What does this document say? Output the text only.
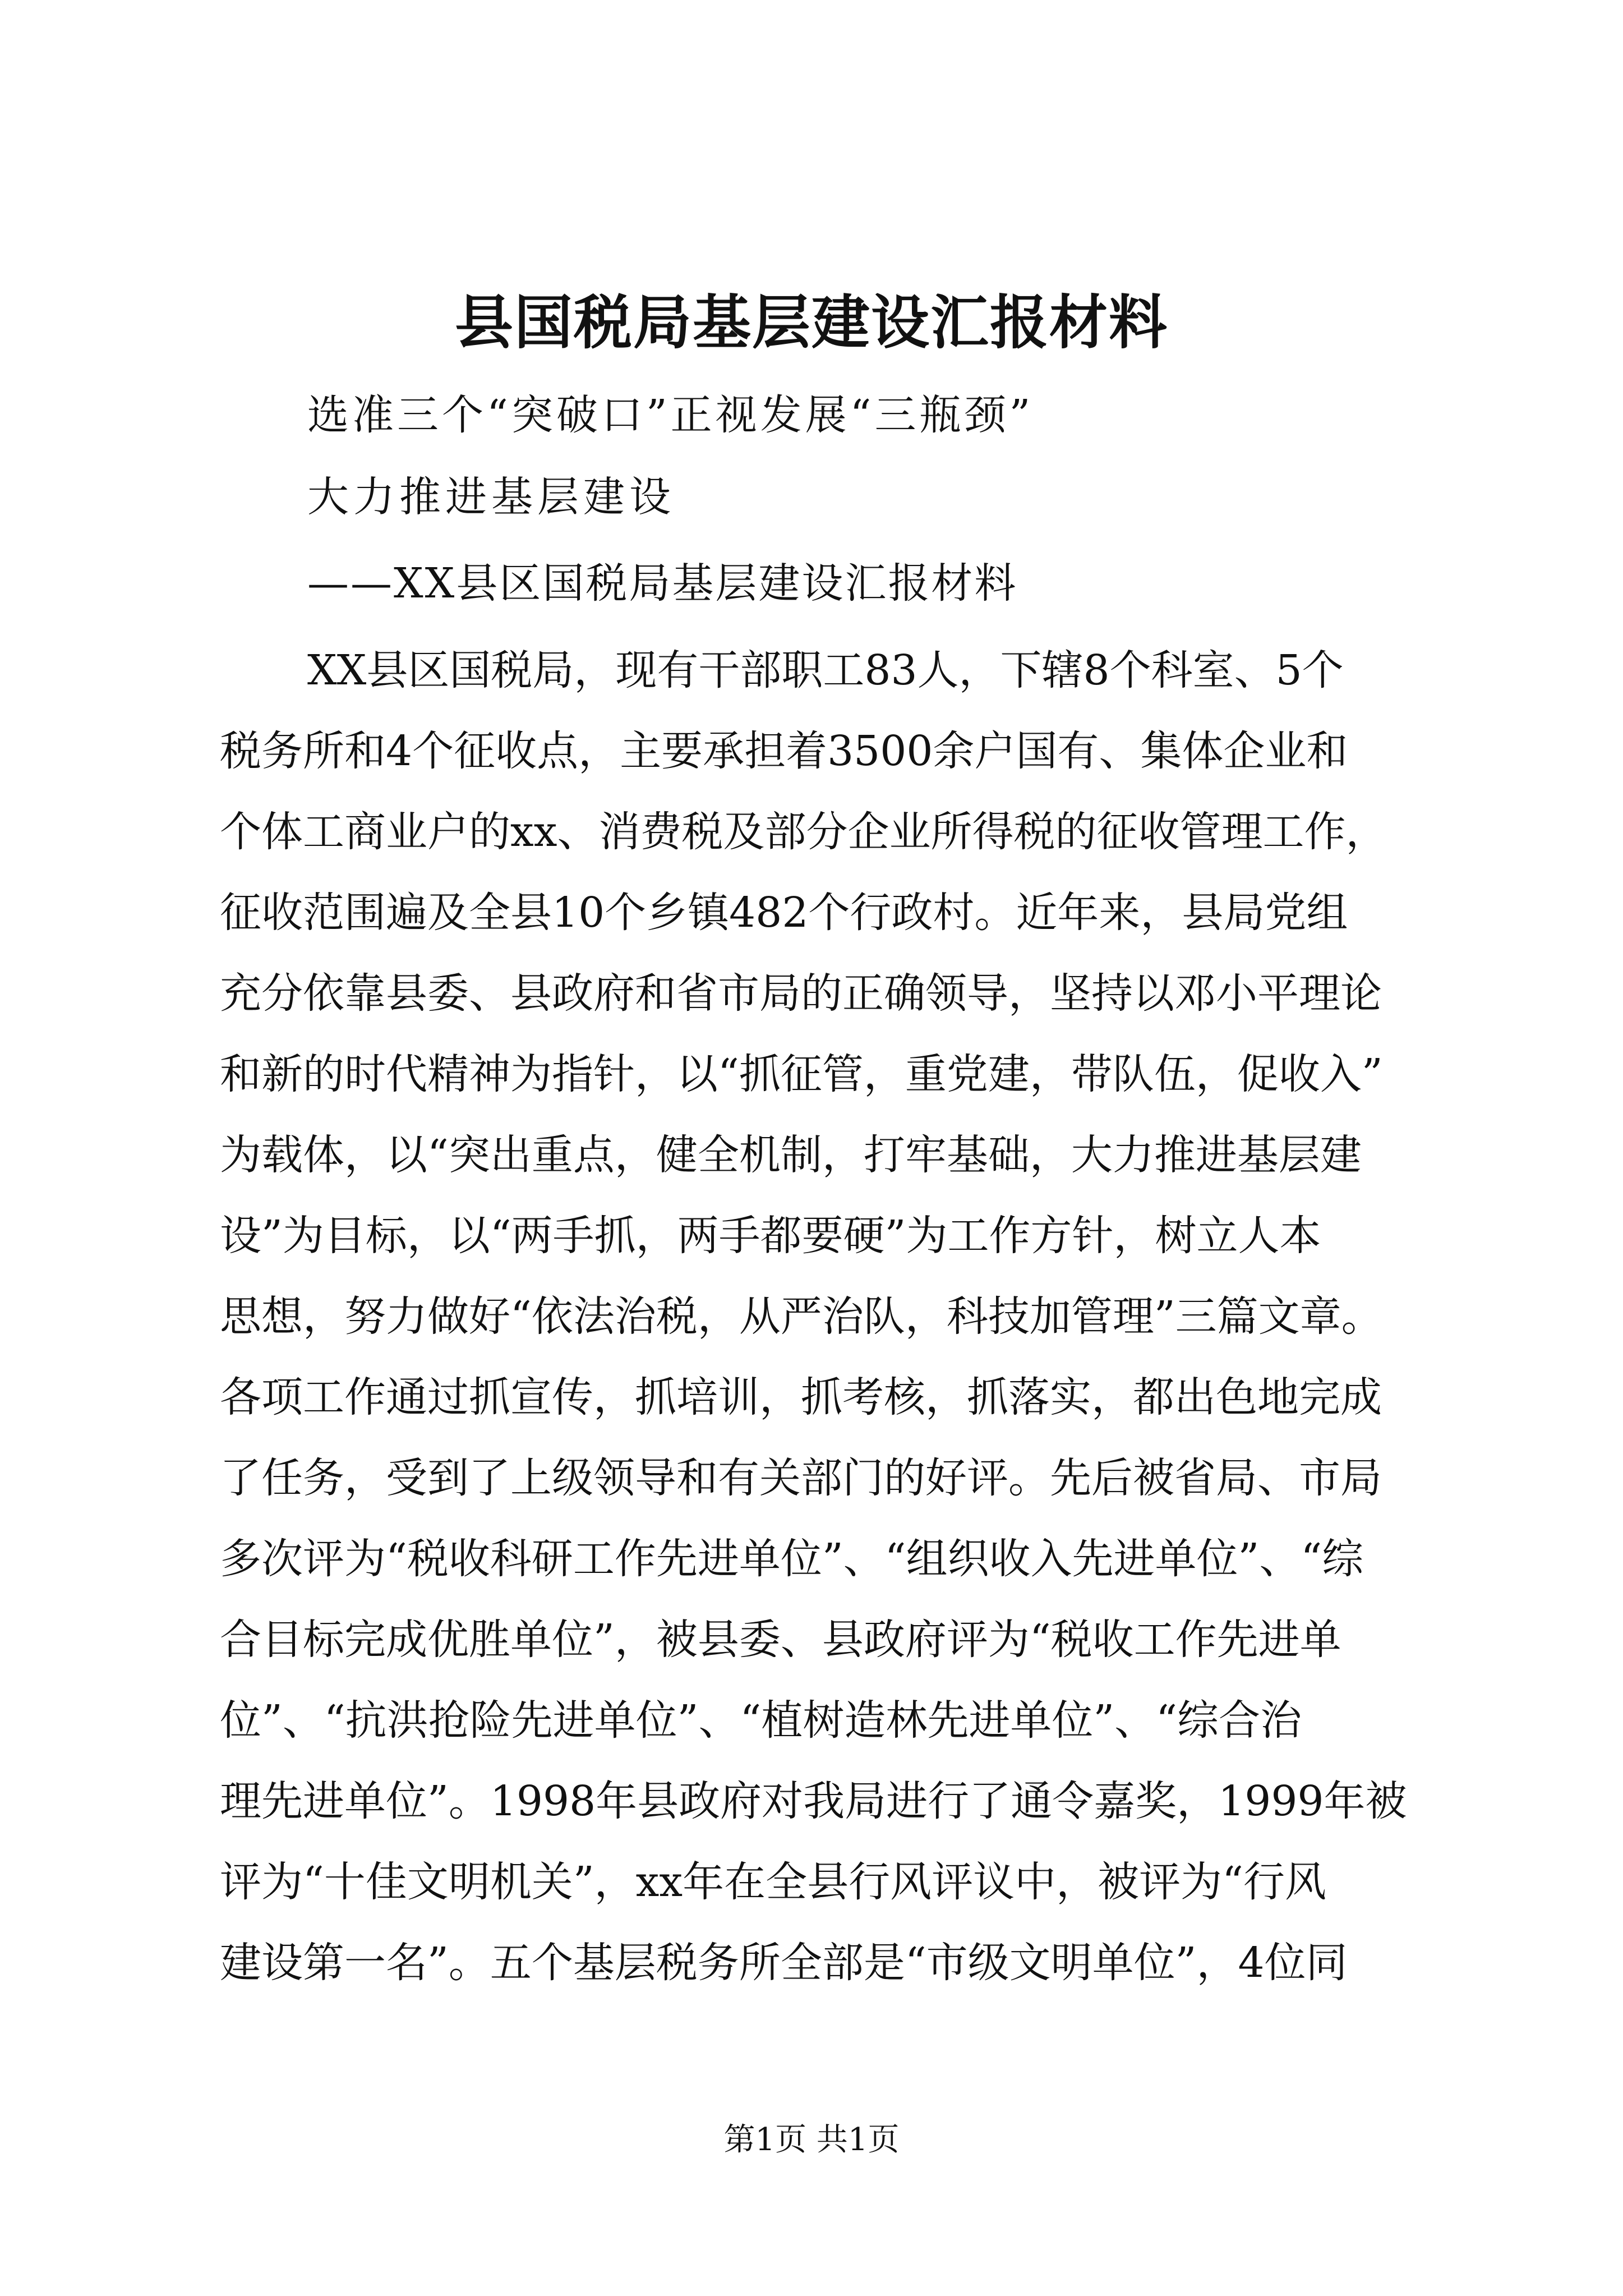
县国税局基层建设汇报材料
选准三个“突破口”正视发展“三瓶颈”
大力推进基层建设
——XX县区国税局基层建设汇报材料
XX县区国税局，现有干部职工83人，下辖8个科室、5个
税务所和4个征收点，主要承担着3500余户国有、集体企业和
个体工商业户的xx、消费税及部分企业所得税的征收管理工作，
征收范围遍及全县10个乡镇482个行政村。近年来，县局党组
充分依靠县委、县政府和省市局的正确领导，坚持以邓小平理论
和新的时代精神为指针，以“抓征管，重党建，带队伍，促收入”
为载体，以“突出重点，健全机制，打牢基础，大力推进基层建
设”为目标，以“两手抓，两手都要硬”为工作方针，树立人本
思想，努力做好“依法治税，从严治队，科技加管理”三篇文章。
各项工作通过抓宣传，抓培训，抓考核，抓落实，都出色地完成
了任务，受到了上级领导和有关部门的好评。先后被省局、市局
多次评为“税收科研工作先进单位”、“组织收入先进单位”、“综
合目标完成优胜单位”，被县委、县政府评为“税收工作先进单
位”、“抗洪抢险先进单位”、“植树造林先进单位”、“综合治
理先进单位”。1998年县政府对我局进行了通令嘉奖，1999年被
评为“十佳文明机关”，xx年在全县行风评议中，被评为“行风
建设第一名”。五个基层税务所全部是“市级文明单位”，4位同
第1页 共1页
